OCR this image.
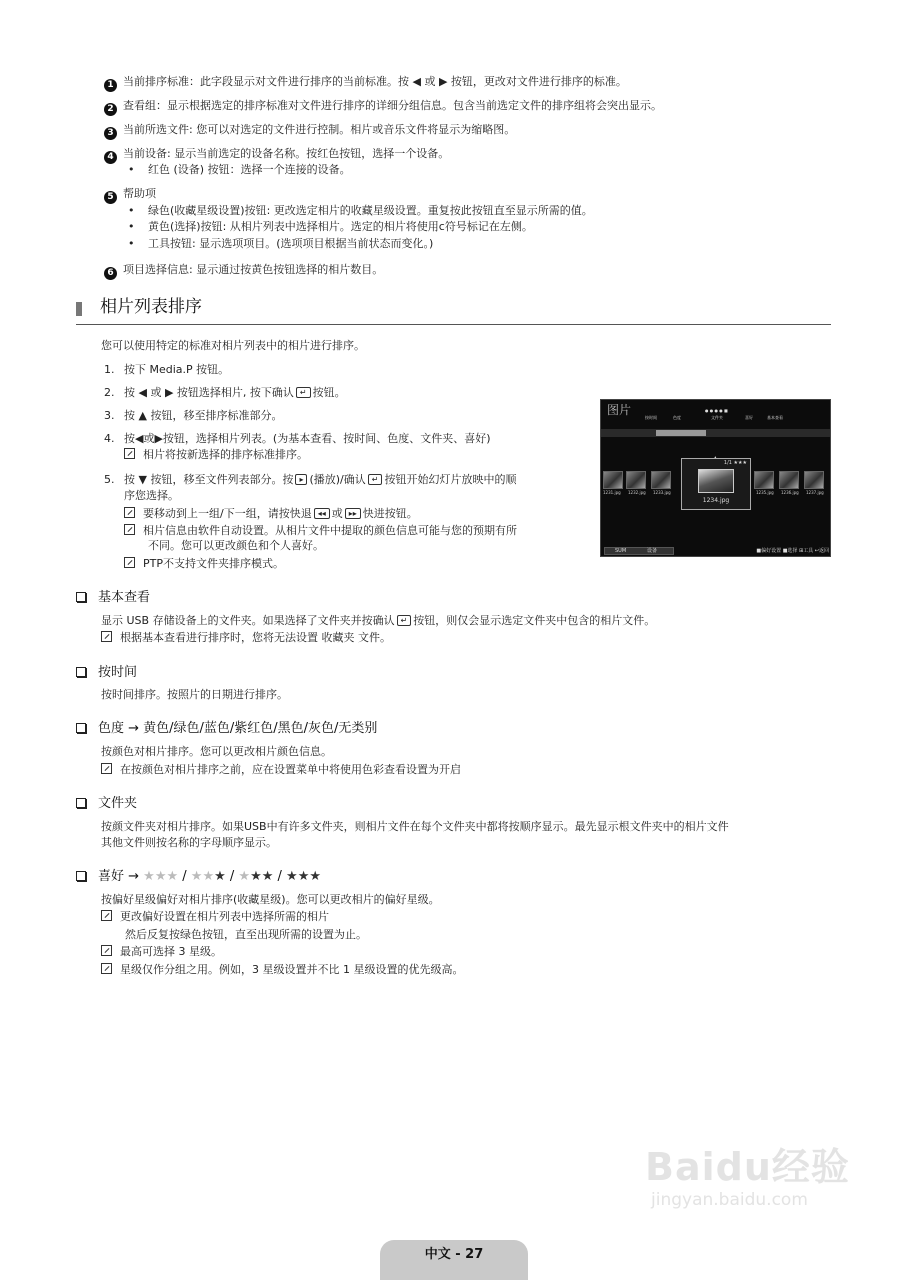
1 当前排序标准：此字段显示对文件进行排序的当前标准。按 ◀ 或 ▶ 按钮，更改对文件进行排序的标准。
2 查看组：显示根据选定的排序标准对文件进行排序的详细分组信息。包含当前选定文件的排序组将会突出显示。
3 当前所选文件: 您可以对选定的文件进行控制。相片或音乐文件将显示为缩略图。
4 当前设备: 显示当前选定的设备名称。按红色按钮，选择一个设备。
• 红色 (设备) 按钮：选择一个连接的设备。
5 帮助项
• 绿色(收藏星级设置)按钮: 更改选定相片的收藏星级设置。重复按此按钮直至显示所需的值。
• 黄色(选择)按钮: 从相片列表中选择相片。选定的相片将使用c符号标记在左侧。
• 工具按钮: 显示选项项目。(选项项目根据当前状态而变化。)
6 项目选择信息: 显示通过按黄色按钮选择的相片数目。
相片列表排序
您可以使用特定的标准对相片列表中的相片进行排序。
1. 按下 Media.P 按钮。
2. 按 ◀ 或 ▶ 按钮选择相片, 按下确认 ↵ 按钮。
3. 按 ▲ 按钮，移至排序标准部分。
4. 按◀或▶按钮，选择相片列表。(为基本查看、按时间、色度、文件夹、喜好)
相片将按新选择的排序标准排序。
5. 按 ▼ 按钮，移至文件列表部分。按 ▸ (播放)/确认 ↵ 按钮开始幻灯片放映中的顺
序您选择。
要移动到上一组/下一组，请按快退 ◂◂ 或 ▸▸ 快进按钮。
相片信息由软件自动设置。从相片文件中提取的颜色信息可能与您的预期有所
不同。您可以更改颜色和个人喜好。
PTP不支持文件夹排序模式。
图片
按时间	色度	文件夹	喜好	基本查看
● ● ● ● ■
1231.jpg 1232.jpg 1233.jpg	1235.jpg 1236.jpg 1237.jpg
1/1 ★★★
1234.jpg
SUM	设备	■偏好设置 ■选择 ⊞工具 ↩返回
基本查看
显示 USB 存储设备上的文件夹。如果选择了文件夹并按确认 ↵ 按钮，则仅会显示选定文件夹中包含的相片文件。
根据基本查看进行排序时，您将无法设置 收藏夹 文件。
按时间
按时间排序。按照片的日期进行排序。
色度 → 黄色/绿色/蓝色/紫红色/黑色/灰色/无类别
按颜色对相片排序。您可以更改相片颜色信息。
在按颜色对相片排序之前，应在设置菜单中将使用色彩查看设置为开启
文件夹
按颜文件夹对相片排序。如果USB中有许多文件夹，则相片文件在每个文件夹中都将按顺序显示。最先显示根文件夹中的相片文件
其他文件则按名称的字母顺序显示。
喜好 → ★★★ / ★★★ / ★★★ / ★★★
按偏好星级偏好对相片排序(收藏星级)。您可以更改相片的偏好星级。
更改偏好设置在相片列表中选择所需的相片
然后反复按绿色按钮，直至出现所需的设置为止。
最高可选择 3 星级。
星级仅作分组之用。例如，3 星级设置并不比 1 星级设置的优先级高。
Baidu经验
jingyan.baidu.com
中文 - 27
